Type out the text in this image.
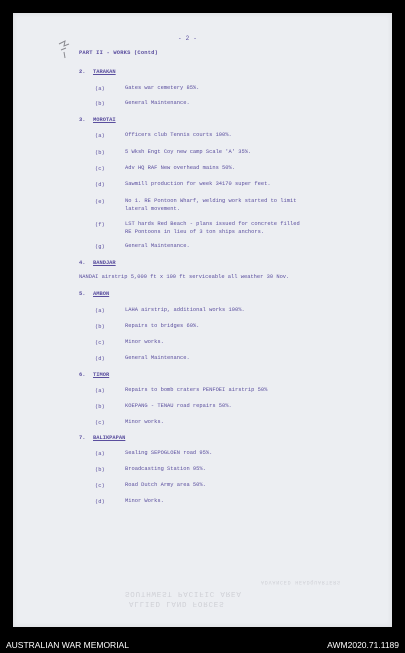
- 2 -
PART II - WORKS (Contd)
2. TARAKAN
(a)	Gates war cemetery 85%.
(b)	General Maintenance.
3. MOROTAI
(a)	Officers club Tennis courts 100%.
(b)	5 Wksh Engt Coy new camp Scale 'A' 35%.
(c)	Adv HQ RAF New overhead mains 50%.
(d)	Sawmill production for week 34170 super feet.
(e)	No 1. RE Pontoon Wharf, welding work started to limit
lateral movement.
(f)	LST hards Red Beach - plans issued for concrete filled
RE Pontoons in lieu of 3 ton ships anchors.
(g)	General Maintenance.
4. BANDJAR
NANDAI airstrip 5,000 ft x 100 ft serviceable all weather 30 Nov.
5. AMBON
(a)	LAHA airstrip, additional works 100%.
(b)	Repairs to bridges 60%.
(c)	Minor works.
(d)	General Maintenance.
6. TIMOR
(a)	Repairs to bomb craters PENFOEI airstrip 50%
(b)	KOEPANG - TENAU road repairs 50%.
(c)	Minor works.
7. BALIKPAPAN
(a)	Sealing SEPOGLOEN road 95%.
(b)	Broadcasting Station 95%.
(c)	Road Dutch Army area 50%.
(d)	Minor Works.
ADVANCED HEADQUARTERS
SOUTHWEST PACIFIC AREA
ALLIED LAND FORCES
AUSTRALIAN WAR MEMORIAL	AWM2020.71.1189
